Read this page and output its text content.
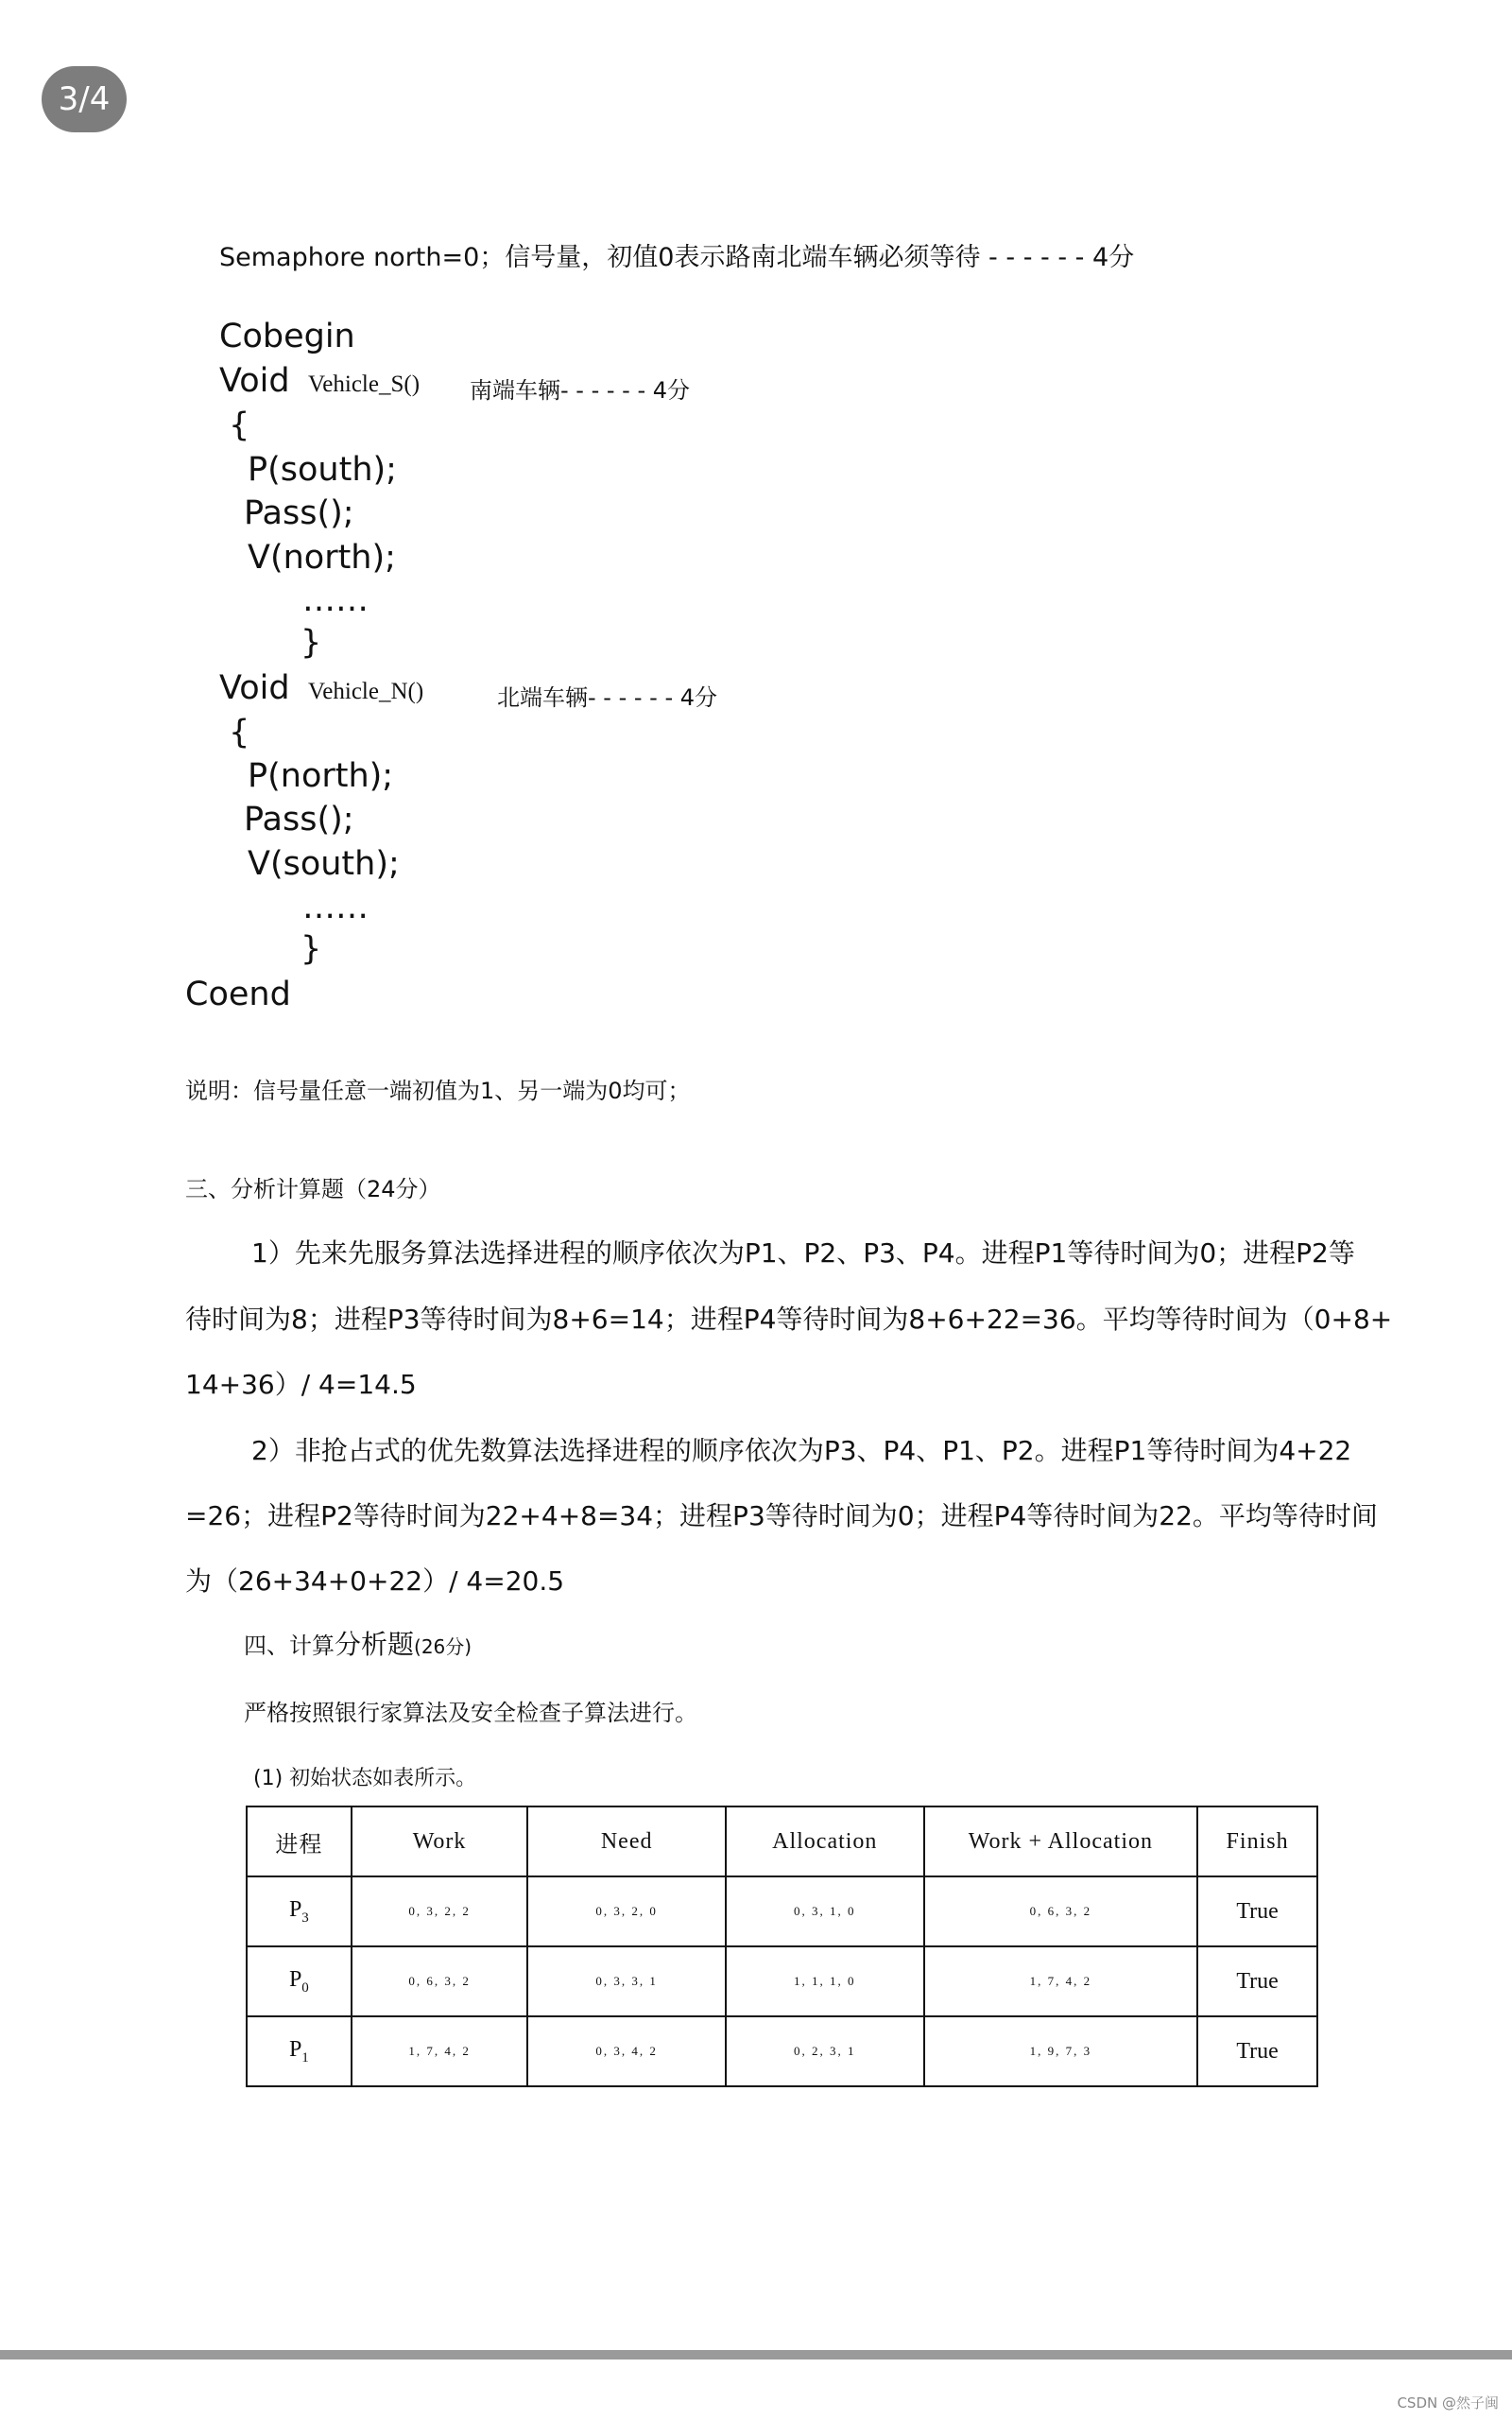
3/4
Semaphore north=0；信号量，初值0表示路南北端车辆必须等待 - - - - - - 4分
Cobegin
Void Vehicle_S() 南端车辆- - - - - - 4分
{
P(south);
Pass();
V(north);
……
}
Void Vehicle_N()	北端车辆- - - - - - 4分
{
P(north);
Pass();
V(south);
……
}
Coend
说明：信号量任意一端初值为1、另一端为0均可；
三、分析计算题（24分）
1）先来先服务算法选择进程的顺序依次为P1、P2、P3、P4。进程P1等待时间为0；进程P2等
待时间为8；进程P3等待时间为8+6=14；进程P4等待时间为8+6+22=36。平均等待时间为（0+8+
14+36）/ 4=14.5
2）非抢占式的优先数算法选择进程的顺序依次为P3、P4、P1、P2。进程P1等待时间为4+22
=26；进程P2等待时间为22+4+8=34；进程P3等待时间为0；进程P4等待时间为22。平均等待时间
为（26+34+0+22）/ 4=20.5
四、计算分析题(26分)
严格按照银行家算法及安全检查子算法进行。
(1) 初始状态如表所示。
进程	Work	Need	Allocation	Work + Allocation	Finish
$P_3$	0, 3, 2, 2	0, 3, 2, 0	0, 3, 1, 0	0, 6, 3, 2	True
$P_0$	0, 6, 3, 2	0, 3, 3, 1	1, 1, 1, 0	1, 7, 4, 2	True
$P_1$	1, 7, 4, 2	0, 3, 4, 2	0, 2, 3, 1	1, 9, 7, 3	True
CSDN @然子闽
